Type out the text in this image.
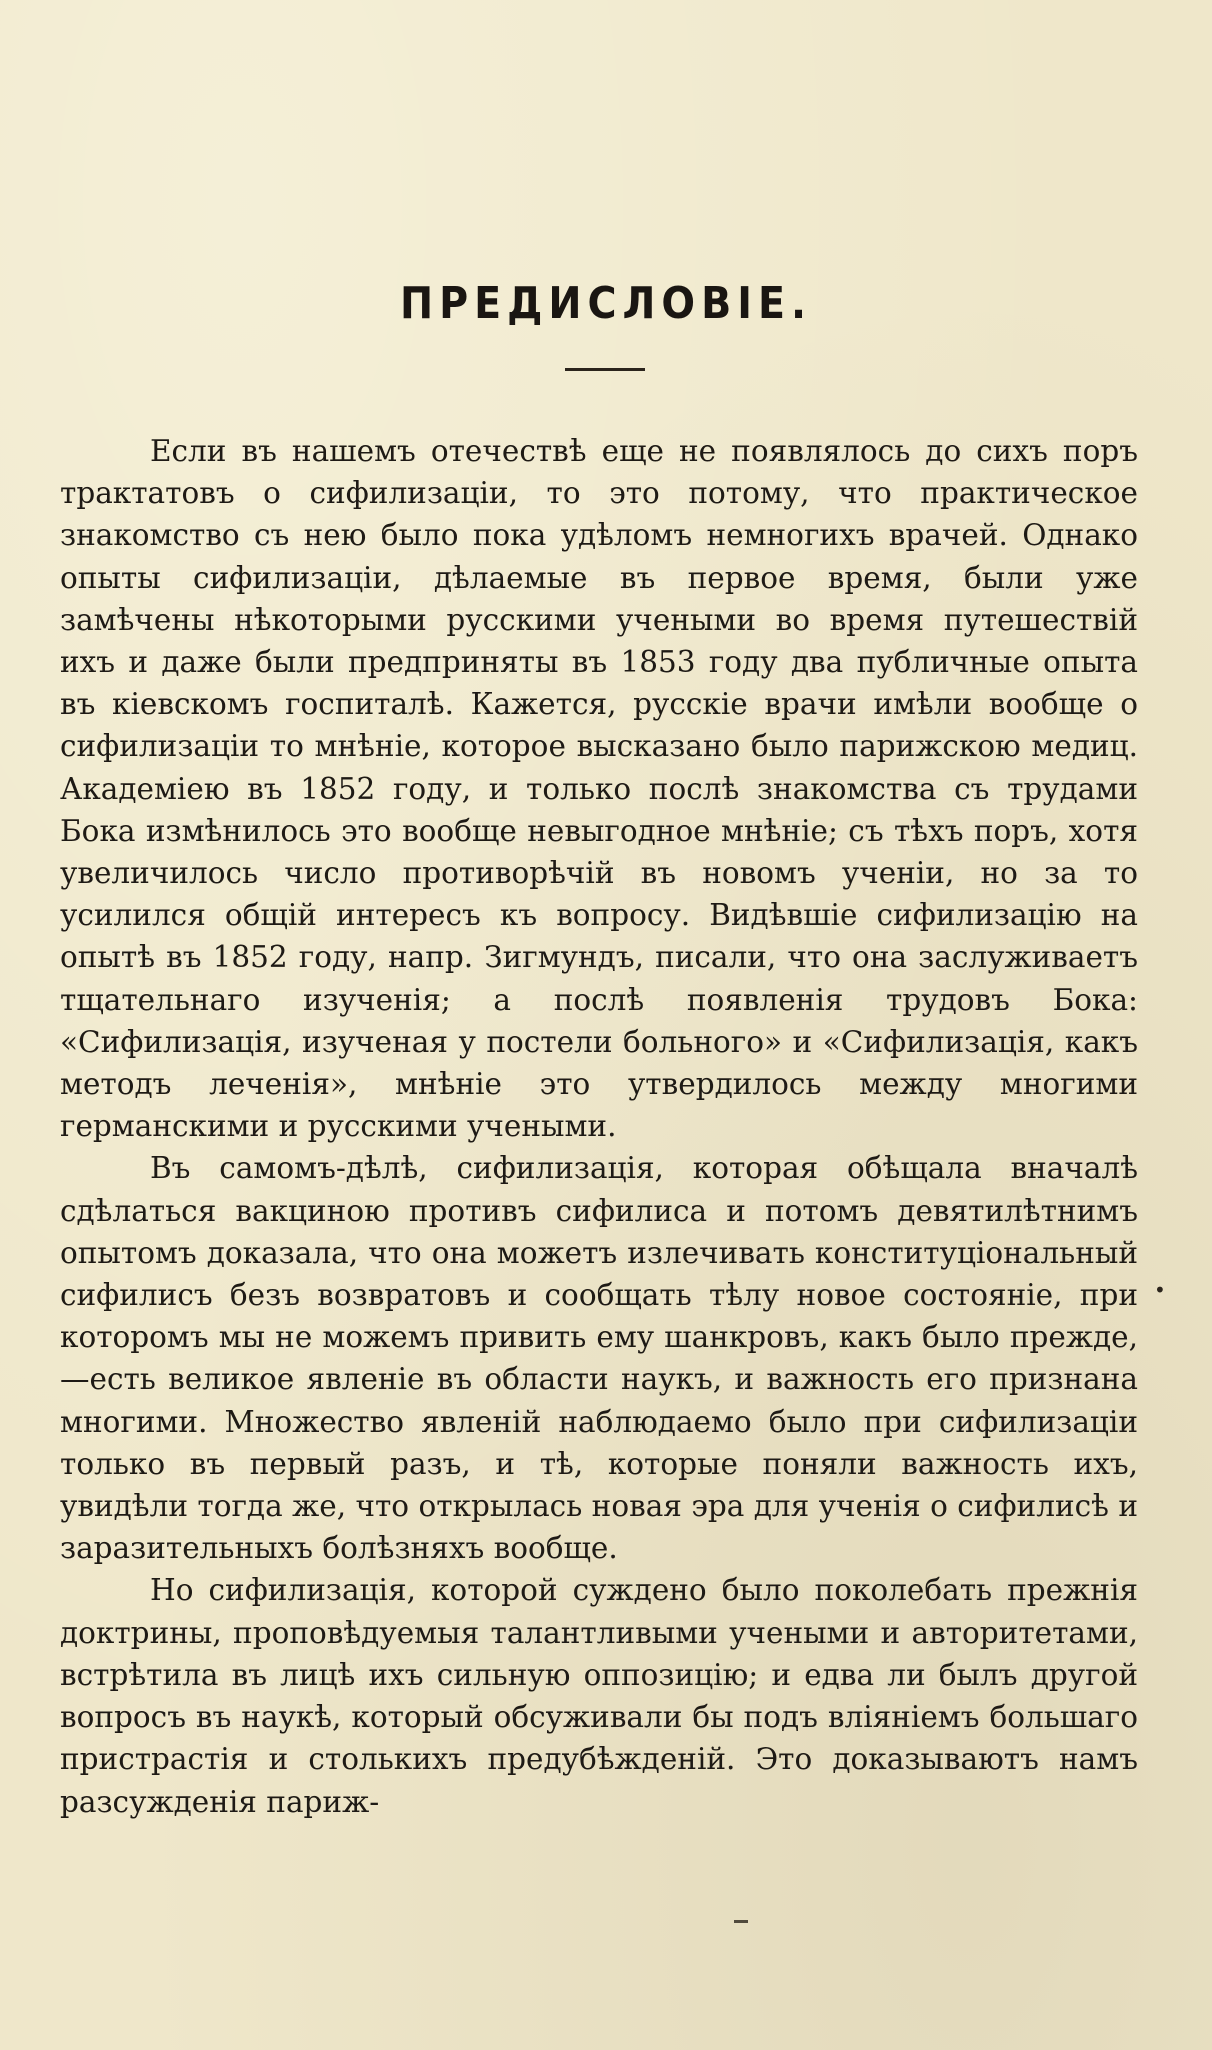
ПРЕДИСЛОВІЕ.

Если въ нашемъ отечествѣ еще не появлялось до сихъ поръ трактатовъ о сифилизаціи, то это потому, что практическое знакомство съ нею было пока удѣломъ немногихъ врачей. Однако опыты сифилизаціи, дѣлаемые въ первое время, были уже замѣчены нѣкоторыми русскими учеными во время путешествій ихъ и даже были предприняты въ 1853 году два публичные опыта въ кіевскомъ госпиталѣ. Кажется, русскіе врачи имѣли вообще о сифилизаціи то мнѣніе, которое высказано было парижскою медиц. Академіею въ 1852 году, и только послѣ знакомства съ трудами Бока измѣнилось это вообще невыгодное мнѣніе; съ тѣхъ поръ, хотя увеличилось число противорѣчій въ новомъ ученіи, но за то усилился общій интересъ къ вопросу. Видѣвшіе сифилизацію на опытѣ въ 1852 году, напр. Зигмундъ, писали, что она заслуживаетъ тщательнаго изученія; а послѣ появленія трудовъ Бока: «Сифилизація, изученая у постели больного» и «Сифилизація, какъ методъ леченія», мнѣніе это утвердилось между многими германскими и русскими учеными.

Въ самомъ-дѣлѣ, сифилизація, которая обѣщала вначалѣ сдѣлаться вакциною противъ сифилиса и потомъ девятилѣтнимъ опытомъ доказала, что она можетъ излечивать конституціональный сифилисъ безъ возвратовъ и сообщать тѣлу новое состояніе, при которомъ мы не можемъ привить ему шанкровъ, какъ было прежде,—есть великое явленіе въ области наукъ, и важность его признана многими. Множество явленій наблюдаемо было при сифилизаціи только въ первый разъ, и тѣ, которые поняли важность ихъ, увидѣли тогда же, что открылась новая эра для ученія о сифилисѣ и заразительныхъ болѣзняхъ вообще.

Но сифилизація, которой суждено было поколебать прежнія доктрины, проповѣдуемыя талантливыми учеными и авторитетами, встрѣтила въ лицѣ ихъ сильную оппозицію; и едва ли былъ другой вопросъ въ наукѣ, который обсуживали бы подъ вліяніемъ большаго пристрастія и столькихъ предубѣжденій. Это доказываютъ намъ разсужденія париж-

•
